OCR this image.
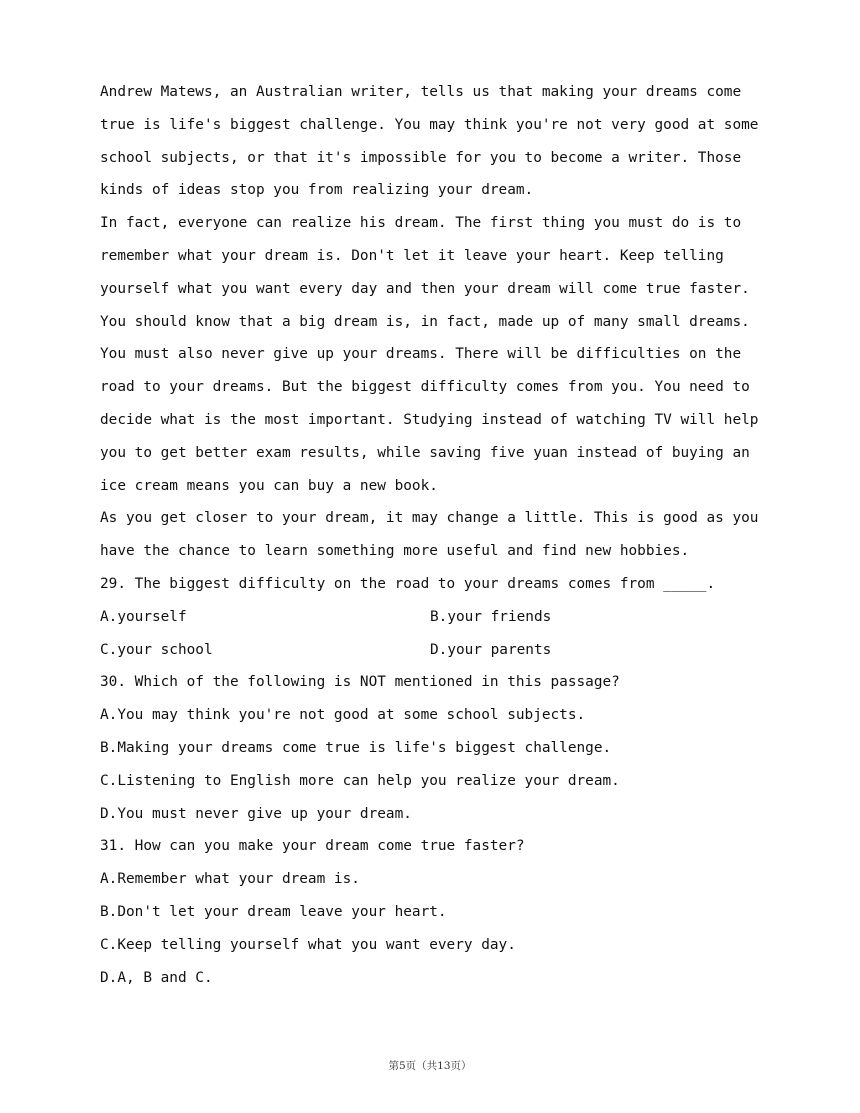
Andrew Matews, an Australian writer, tells us that making your dreams come
true is life's biggest challenge. You may think you're not very good at some
school subjects, or that it's impossible for you to become a writer. Those
kinds of ideas stop you from realizing your dream.
In fact, everyone can realize his dream. The first thing you must do is to
remember what your dream is. Don't let it leave your heart. Keep telling
yourself what you want every day and then your dream will come true faster.
You should know that a big dream is, in fact, made up of many small dreams.
You must also never give up your dreams. There will be difficulties on the
road to your dreams. But the biggest difficulty comes from you. You need to
decide what is the most important. Studying instead of watching TV will help
you to get better exam results, while saving five yuan instead of buying an
ice cream means you can buy a new book.
As you get closer to your dream, it may change a little. This is good as you
have the chance to learn something more useful and find new hobbies.
29. The biggest difficulty on the road to your dreams comes from _____.

A.yourself

	B.your friends

C.your school

	D.your parents

30. Which of the following is NOT mentioned in this passage?
A.You may think you're not good at some school subjects.
B.Making your dreams come true is life's biggest challenge.
C.Listening to English more can help you realize your dream.
D.You must never give up your dream.
31. How can you make your dream come true faster?
A.Remember what your dream is.
B.Don't let your dream leave your heart.
C.Keep telling yourself what you want every day.
D.A, B and C.
第5页（共13页）
